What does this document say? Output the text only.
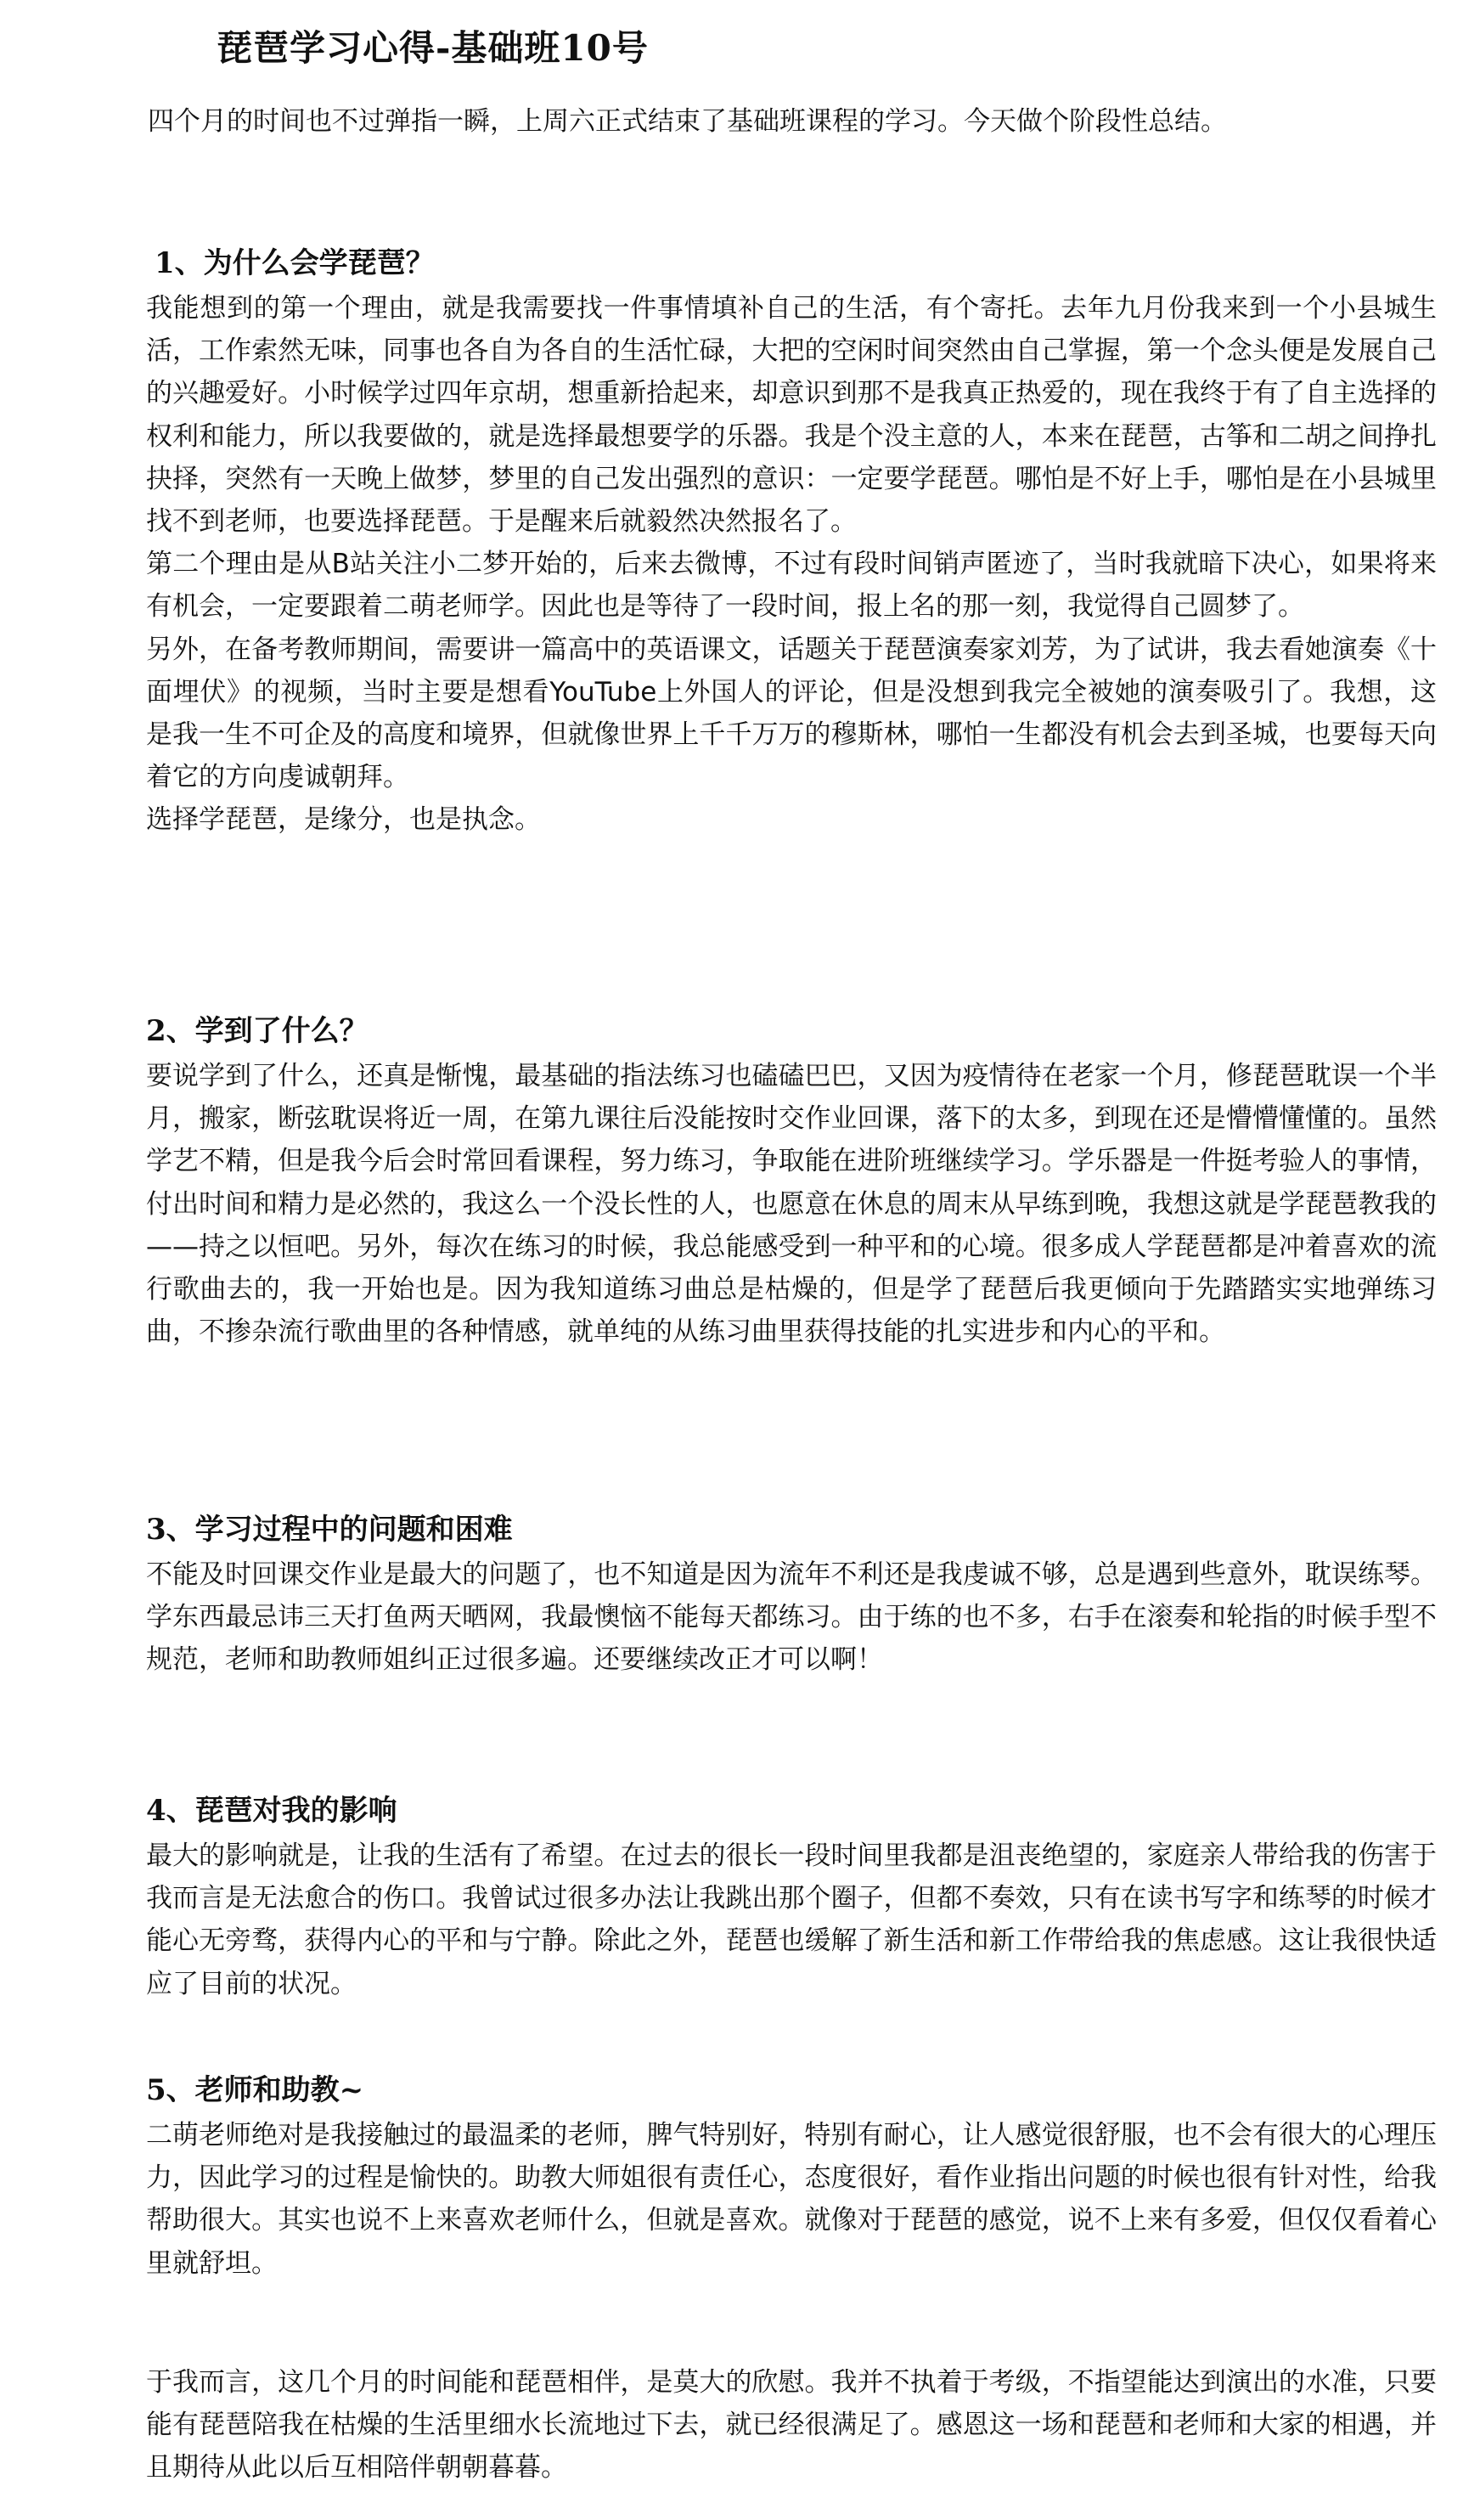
琵琶学习心得-基础班10号

四个月的时间也不过弹指一瞬，上周六正式结束了基础班课程的学习。今天做个阶段性总结。

1、为什么会学琵琶？

我能想到的第一个理由，就是我需要找一件事情填补自己的生活，有个寄托。去年九月份我来到一个小县城生活，工作索然无味，同事也各自为各自的生活忙碌，大把的空闲时间突然由自己掌握，第一个念头便是发展自己的兴趣爱好。小时候学过四年京胡，想重新拾起来，却意识到那不是我真正热爱的，现在我终于有了自主选择的权利和能力，所以我要做的，就是选择最想要学的乐器。我是个没主意的人，本来在琵琶，古筝和二胡之间挣扎抉择，突然有一天晚上做梦，梦里的自己发出强烈的意识：一定要学琵琶。哪怕是不好上手，哪怕是在小县城里找不到老师，也要选择琵琶。于是醒来后就毅然决然报名了。

第二个理由是从B站关注小二梦开始的，后来去微博，不过有段时间销声匿迹了，当时我就暗下决心，如果将来有机会，一定要跟着二萌老师学。因此也是等待了一段时间，报上名的那一刻，我觉得自己圆梦了。

另外，在备考教师期间，需要讲一篇高中的英语课文，话题关于琵琶演奏家刘芳，为了试讲，我去看她演奏《十面埋伏》的视频，当时主要是想看YouTube上外国人的评论，但是没想到我完全被她的演奏吸引了。我想，这是我一生不可企及的高度和境界，但就像世界上千千万万的穆斯林，哪怕一生都没有机会去到圣城，也要每天向着它的方向虔诚朝拜。

选择学琵琶，是缘分，也是执念。

2、学到了什么？

要说学到了什么，还真是惭愧，最基础的指法练习也磕磕巴巴，又因为疫情待在老家一个月，修琵琶耽误一个半月，搬家，断弦耽误将近一周，在第九课往后没能按时交作业回课，落下的太多，到现在还是懵懵懂懂的。虽然学艺不精，但是我今后会时常回看课程，努力练习，争取能在进阶班继续学习。学乐器是一件挺考验人的事情，付出时间和精力是必然的，我这么一个没长性的人，也愿意在休息的周末从早练到晚，我想这就是学琵琶教我的——持之以恒吧。另外，每次在练习的时候，我总能感受到一种平和的心境。很多成人学琵琶都是冲着喜欢的流行歌曲去的，我一开始也是。因为我知道练习曲总是枯燥的，但是学了琵琶后我更倾向于先踏踏实实地弹练习曲，不掺杂流行歌曲里的各种情感，就单纯的从练习曲里获得技能的扎实进步和内心的平和。

3、学习过程中的问题和困难

不能及时回课交作业是最大的问题了，也不知道是因为流年不利还是我虔诚不够，总是遇到些意外，耽误练琴。学东西最忌讳三天打鱼两天晒网，我最懊恼不能每天都练习。由于练的也不多，右手在滚奏和轮指的时候手型不规范，老师和助教师姐纠正过很多遍。还要继续改正才可以啊！

4、琵琶对我的影响

最大的影响就是，让我的生活有了希望。在过去的很长一段时间里我都是沮丧绝望的，家庭亲人带给我的伤害于我而言是无法愈合的伤口。我曾试过很多办法让我跳出那个圈子，但都不奏效，只有在读书写字和练琴的时候才能心无旁骛，获得内心的平和与宁静。除此之外，琵琶也缓解了新生活和新工作带给我的焦虑感。这让我很快适应了目前的状况。

5、老师和助教~

二萌老师绝对是我接触过的最温柔的老师，脾气特别好，特别有耐心，让人感觉很舒服，也不会有很大的心理压力，因此学习的过程是愉快的。助教大师姐很有责任心，态度很好，看作业指出问题的时候也很有针对性，给我帮助很大。其实也说不上来喜欢老师什么，但就是喜欢。就像对于琵琶的感觉，说不上来有多爱，但仅仅看着心里就舒坦。

于我而言，这几个月的时间能和琵琶相伴，是莫大的欣慰。我并不执着于考级，不指望能达到演出的水准，只要能有琵琶陪我在枯燥的生活里细水长流地过下去，就已经很满足了。感恩这一场和琵琶和老师和大家的相遇，并且期待从此以后互相陪伴朝朝暮暮。
